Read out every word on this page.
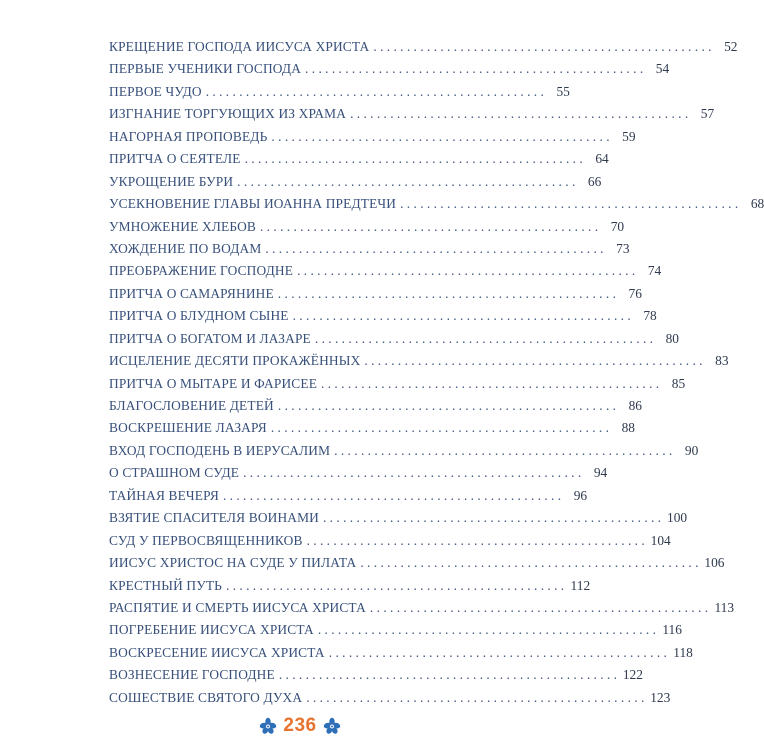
КРЕЩЕНИЕ ГОСПОДА ИИСУСА ХРИСТА . . .	52
ПЕРВЫЕ УЧЕНИКИ ГОСПОДА . . .	54
ПЕРВОЕ ЧУДО . . .	55
ИЗГНАНИЕ ТОРГУЮЩИХ ИЗ ХРАМА . . .	57
НАГОРНАЯ ПРОПОВЕДЬ . . .	59
ПРИТЧА О СЕЯТЕЛЕ . . .	64
УКРОЩЕНИЕ БУРИ . . .	66
УСЕКНОВЕНИЕ ГЛАВЫ ИОАННА ПРЕДТЕЧИ . . .	68
УМНОЖЕНИЕ ХЛЕБОВ . . .	70
ХОЖДЕНИЕ ПО ВОДАМ . . .	73
ПРЕОБРАЖЕНИЕ ГОСПОДНЕ . . .	74
ПРИТЧА О САМАРЯНИНЕ . . .	76
ПРИТЧА О БЛУДНОМ СЫНЕ . . .	78
ПРИТЧА О БОГАТОМ И ЛАЗАРЕ . . .	80
ИСЦЕЛЕНИЕ ДЕСЯТИ ПРОКАЖЁННЫХ . . .	83
ПРИТЧА О МЫТАРЕ И ФАРИСЕЕ . . .	85
БЛАГОСЛОВЕНИЕ ДЕТЕЙ . . .	86
ВОСКРЕШЕНИЕ ЛАЗАРЯ . . .	88
ВХОД ГОСПОДЕНЬ В ИЕРУСАЛИМ . . .	90
О СТРАШНОМ СУДЕ . . .	94
ТАЙНАЯ ВЕЧЕРЯ . . .	96
ВЗЯТИЕ СПАСИТЕЛЯ ВОИНАМИ . . .	100
СУД У ПЕРВОСВЯЩЕННИКОВ . . .	104
ИИСУС ХРИСТОС НА СУДЕ У ПИЛАТА . . .	106
КРЕСТНЫЙ ПУТЬ . . .	112
РАСПЯТИЕ И СМЕРТЬ ИИСУСА ХРИСТА . . .	113
ПОГРЕБЕНИЕ ИИСУСА ХРИСТА . . .	116
ВОСКРЕСЕНИЕ ИИСУСА ХРИСТА . . .	118
ВОЗНЕСЕНИЕ ГОСПОДНЕ . . .	122
СОШЕСТВИЕ СВЯТОГО ДУХА . . .	123
236
